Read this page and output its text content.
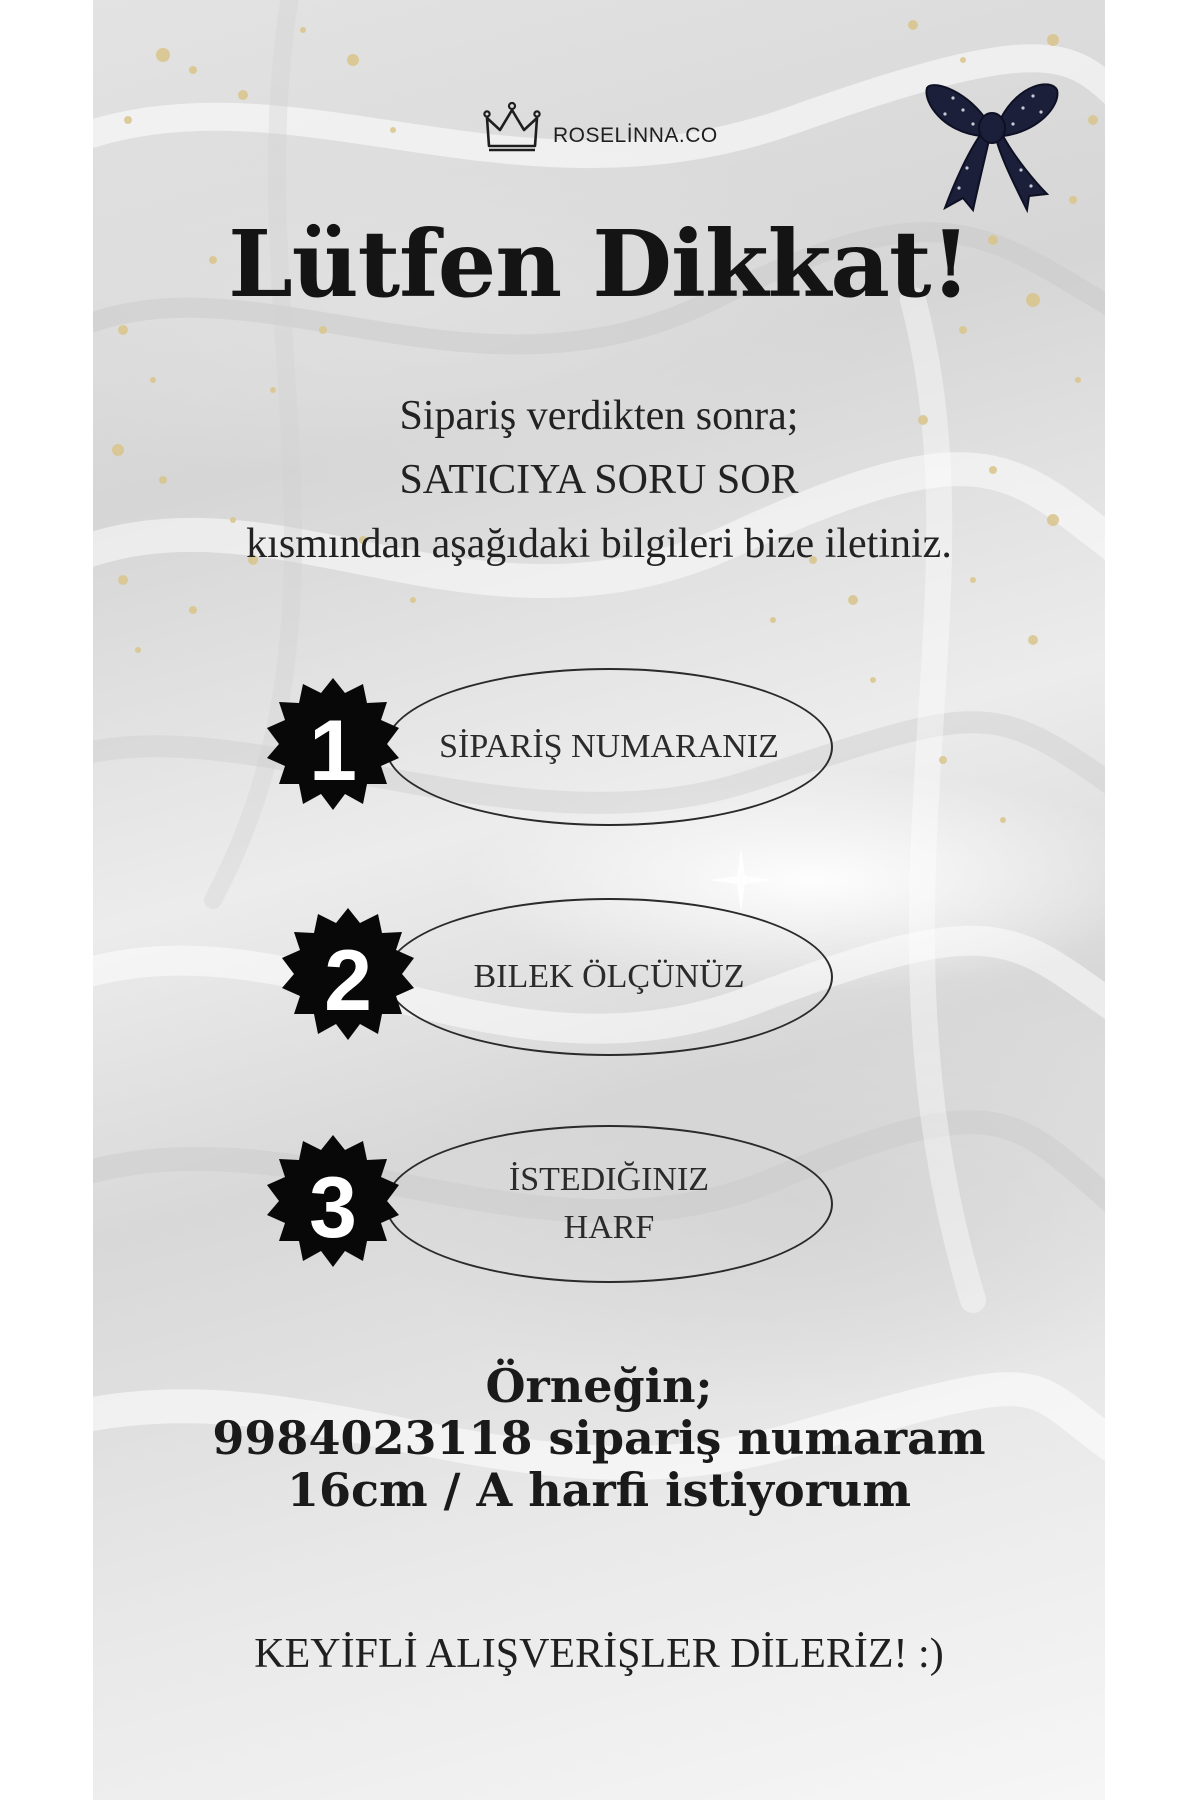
ROSELİNNA.CO
Lütfen Dikkat!
Sipariş verdikten sonra;
SATICIYA SORU SOR
kısmından aşağıdaki bilgileri bize iletiniz.
SİPARİŞ NUMARANIZ
1
BILEK ÖLÇÜNÜZ
2
İSTEDIĞINIZ
HARF
3
Örneğin;
9984023118 sipariş numaram
16cm / A harfi istiyorum
KEYİFLİ ALIŞVERİŞLER DİLERİZ! :)
